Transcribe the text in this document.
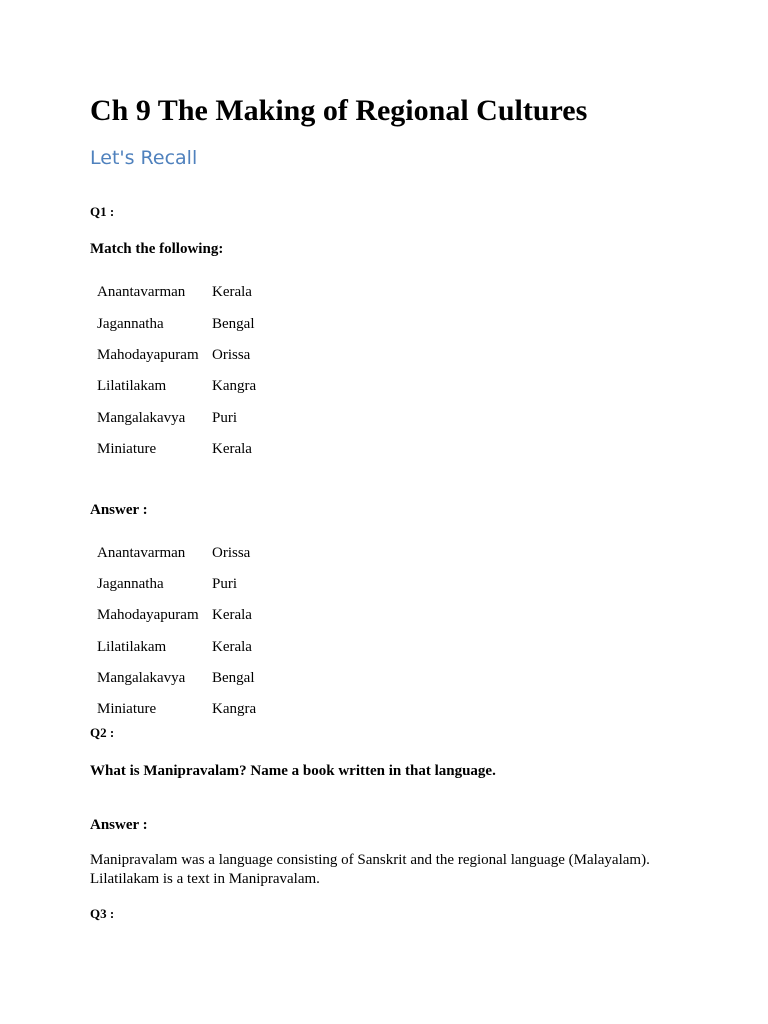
Ch 9 The Making of Regional Cultures
Let's Recall
Q1 :
Match the following:
Anantavarman Kerala
Jagannatha	Bengal
Mahodayapuram Orissa
Lilatilakam	Kangra
Mangalakavya Puri
Miniature	Kerala
Answer :
Anantavarman Orissa
Jagannatha	Puri
Mahodayapuram Kerala
Lilatilakam	Kerala
Mangalakavya Bengal
Miniature	Kangra
Q2 :
What is Manipravalam? Name a book written in that language.
Answer :
Manipravalam was a language consisting of Sanskrit and the regional language (Malayalam). Lilatilakam is a text in Manipravalam.
Q3 :
